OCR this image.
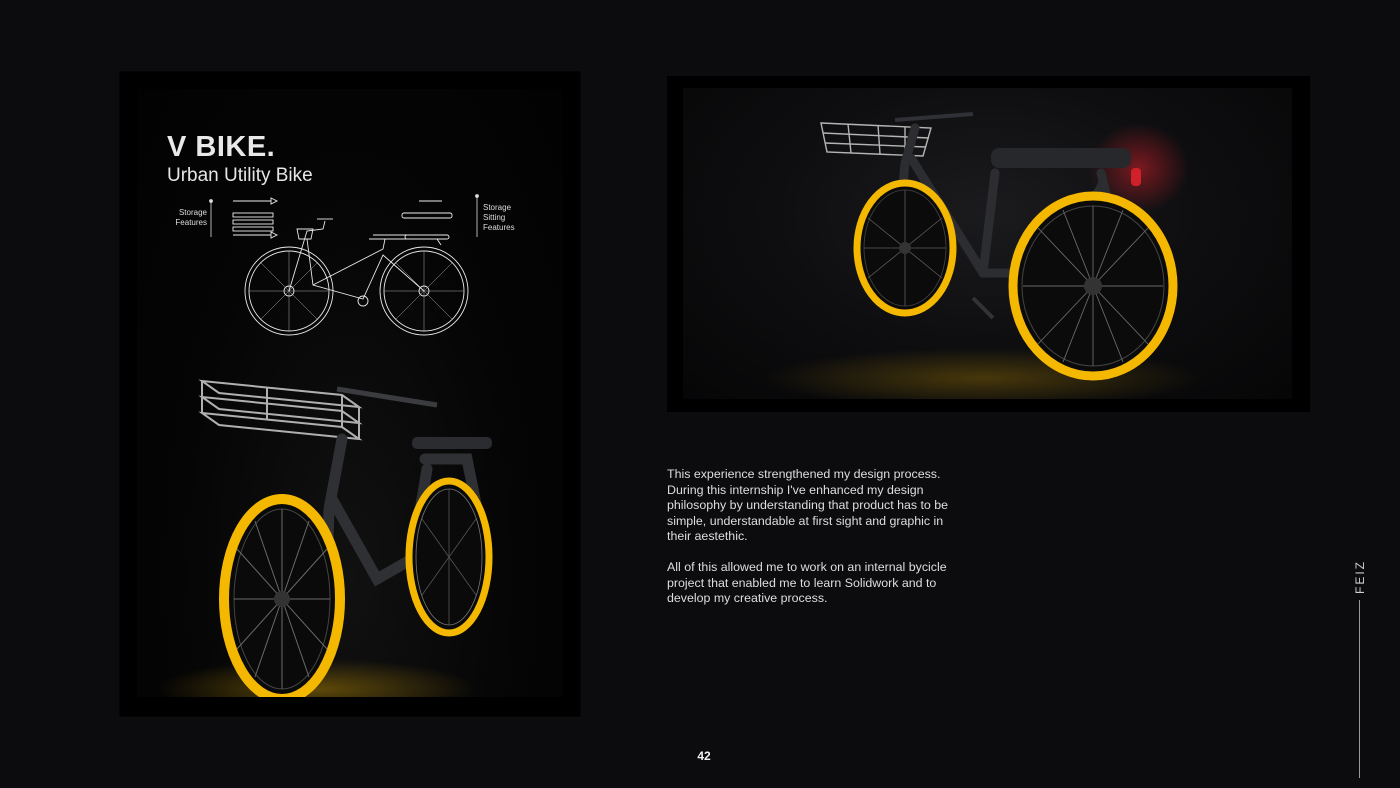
V BIKE.
Urban Utility Bike
Storage
Features
Storage
Sitting
Features

This experience strengthened my design process. During this internship I've enhanced my design philosophy by understanding that product has to be simple, understandable at first sight and graphic in their aestethic.

All of this allowed me to work on an internal bycicle project that enabled me to learn Solidwork and to develop my creative process.

FEIZ
42
